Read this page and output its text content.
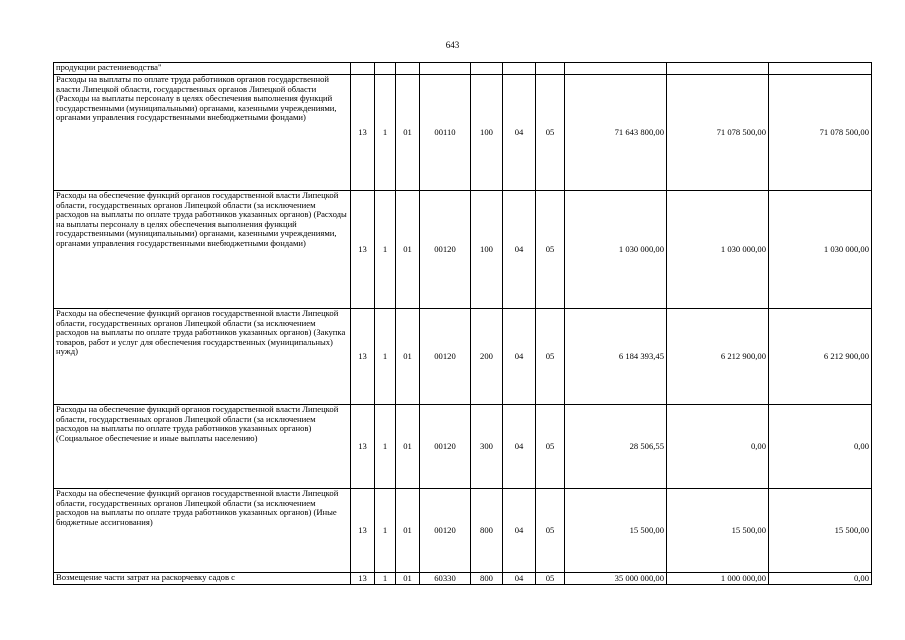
643
продукции растениеводства"										
Расходы на выплаты по оплате труда работников органов государственной власти Липецкой области, государственных органов Липецкой области (Расходы на выплаты персоналу в целях обеспечения выполнения функций государственными (муниципальными) органами, казенными учреждениями, органами управления государственными внебюджетными фондами)	13	1	01	00110	100	04	05	71 643 800,00	71 078 500,00	71 078 500,00
Расходы на обеспечение функций органов государственной власти Липецкой области, государственных органов Липецкой области (за исключением расходов на выплаты по оплате труда работников указанных органов) (Расходы на выплаты персоналу в целях обеспечения выполнения функций государственными (муниципальными) органами, казенными учреждениями, органами управления государственными внебюджетными фондами)	13	1	01	00120	100	04	05	1 030 000,00	1 030 000,00	1 030 000,00
Расходы на обеспечение функций органов государственной власти Липецкой области, государственных органов Липецкой области (за исключением расходов на выплаты по оплате труда работников указанных органов) (Закупка товаров, работ и услуг для обеспечения государственных (муниципальных) нужд)	13	1	01	00120	200	04	05	6 184 393,45	6 212 900,00	6 212 900,00
Расходы на обеспечение функций органов государственной власти Липецкой области, государственных органов Липецкой области (за исключением расходов на выплаты по оплате труда работников указанных органов) (Социальное обеспечение и иные выплаты населению)	13	1	01	00120	300	04	05	28 506,55	0,00	0,00
Расходы на обеспечение функций органов государственной власти Липецкой области, государственных органов Липецкой области (за исключением расходов на выплаты по оплате труда работников указанных органов) (Иные бюджетные ассигнования)	13	1	01	00120	800	04	05	15 500,00	15 500,00	15 500,00
Возмещение части затрат на раскорчевку садов с	13	1	01	60330	800	04	05	35 000 000,00	1 000 000,00	0,00
